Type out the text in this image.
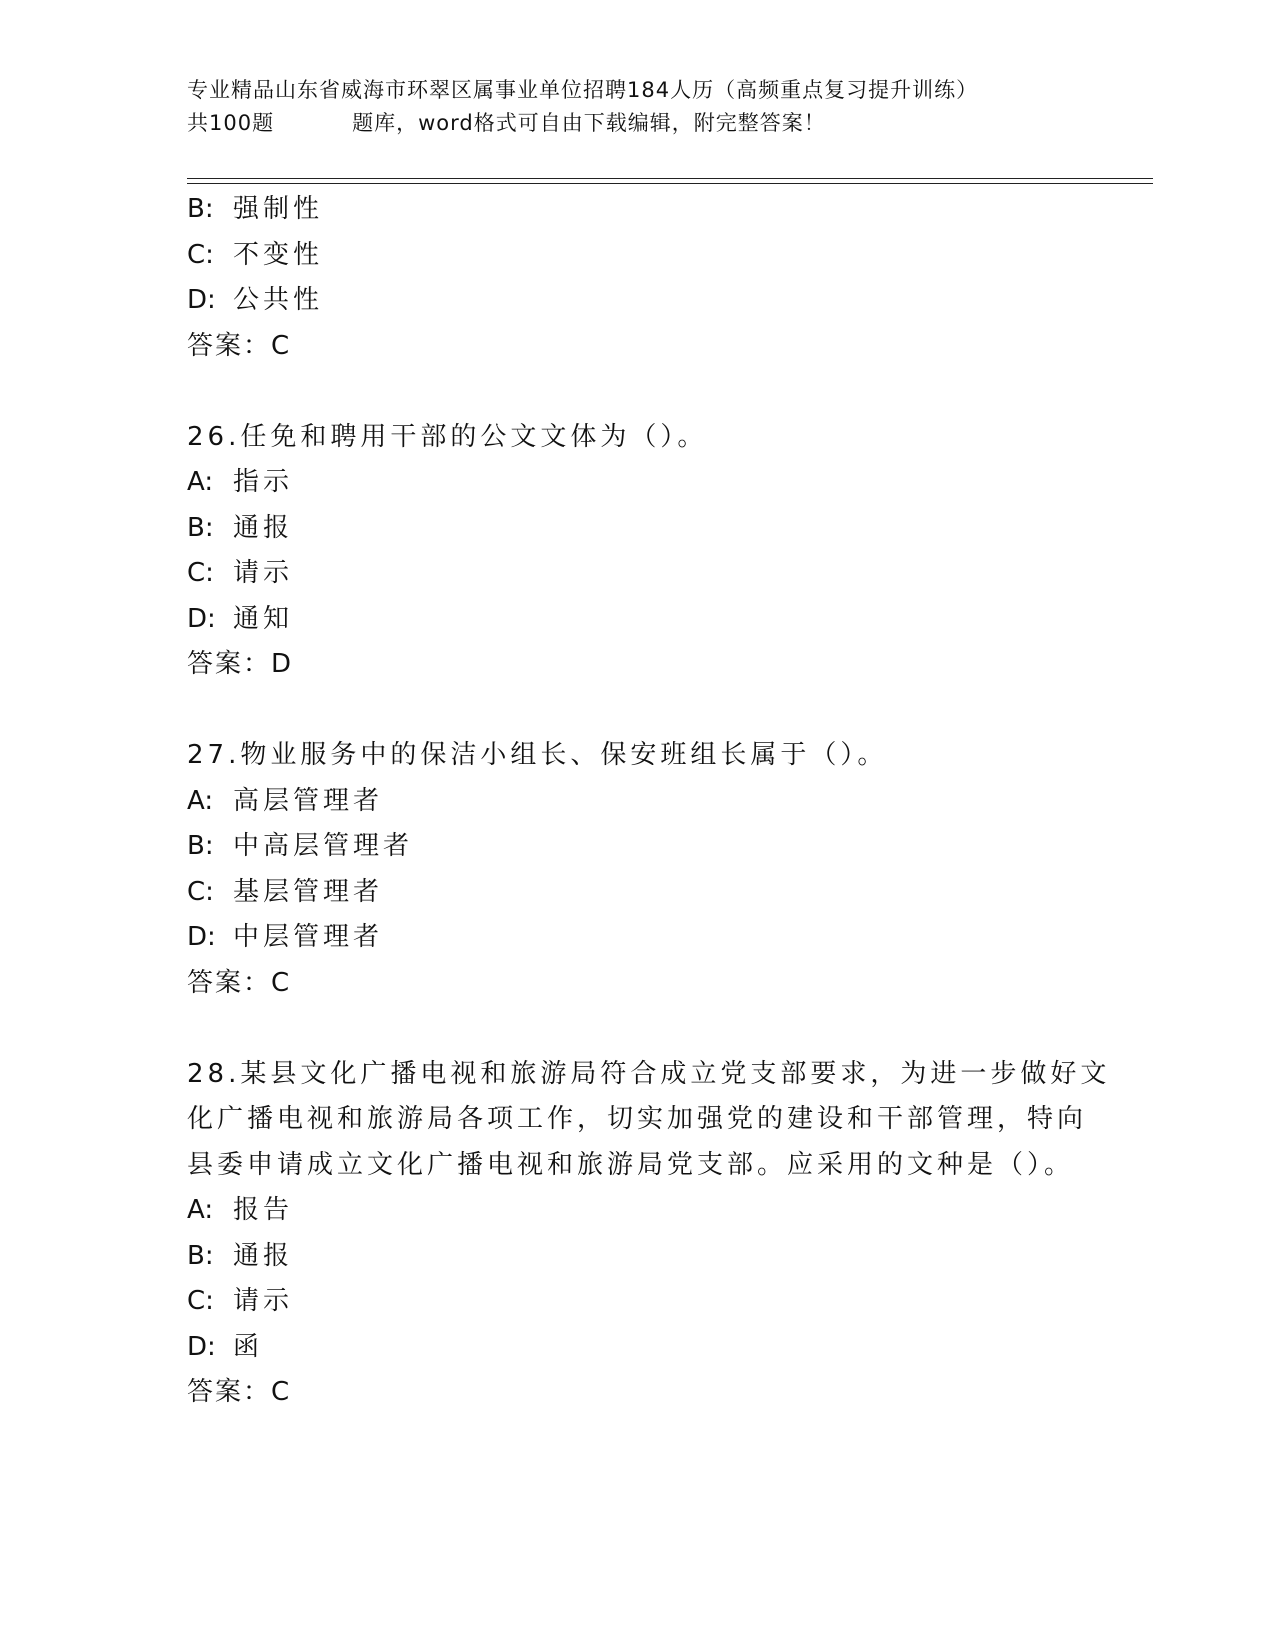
专业精品山东省威海市环翠区属事业单位招聘184人历（高频重点复习提升训练）
共100题	题库，word格式可自由下载编辑，附完整答案！
B: 强制性
C: 不变性
D: 公共性
答案：C
26.任免和聘用干部的公文文体为（）。
A: 指示
B: 通报
C: 请示
D: 通知
答案：D
27.物业服务中的保洁小组长、保安班组长属于（）。
A: 高层管理者
B: 中高层管理者
C: 基层管理者
D: 中层管理者
答案：C
28.某县文化广播电视和旅游局符合成立党支部要求，为进一步做好文
化广播电视和旅游局各项工作，切实加强党的建设和干部管理，特向
县委申请成立文化广播电视和旅游局党支部。应采用的文种是（）。
A: 报告
B: 通报
C: 请示
D: 函
答案：C
